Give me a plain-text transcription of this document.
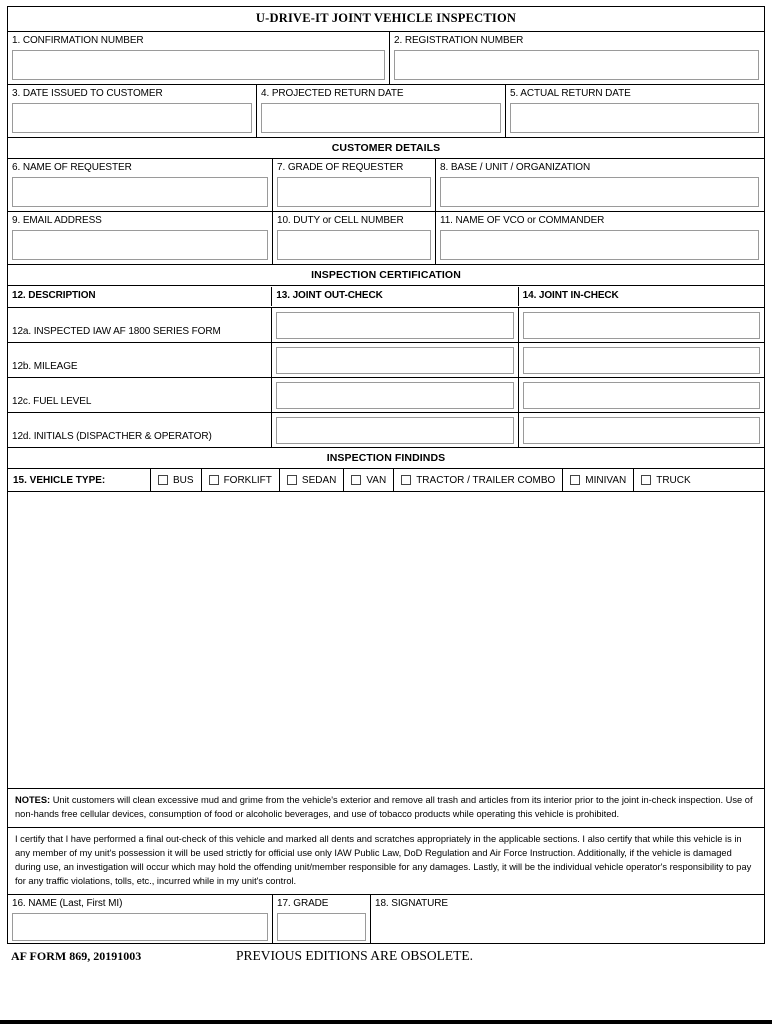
U-DRIVE-IT JOINT VEHICLE INSPECTION
1. CONFIRMATION NUMBER	2. REGISTRATION NUMBER
3. DATE ISSUED TO CUSTOMER	4. PROJECTED RETURN DATE	5. ACTUAL RETURN DATE
CUSTOMER DETAILS
6. NAME OF REQUESTER	7. GRADE OF REQUESTER	8. BASE / UNIT / ORGANIZATION
9. EMAIL ADDRESS	10. DUTY or CELL NUMBER	11. NAME OF VCO or COMMANDER
INSPECTION CERTIFICATION
12. DESCRIPTION	13. JOINT OUT-CHECK	14. JOINT IN-CHECK
12a. INSPECTED IAW AF 1800 SERIES FORM
12b. MILEAGE
12c. FUEL LEVEL
12d. INITIALS (DISPACTHER & OPERATOR)
INSPECTION FINDINDS
15. VEHICLE TYPE:	BUS	FORKLIFT	SEDAN	VAN	TRACTOR / TRAILER COMBO	MINIVAN	TRUCK
NOTES: Unit customers will clean excessive mud and grime from the vehicle's exterior and remove all trash and articles from its interior prior to the joint in-check inspection. Use of non-hands free cellular devices, consumption of food or alcoholic beverages, and use of tobacco products while operating this vehicle is prohibited.
I certify that I have performed a final out-check of this vehicle and marked all dents and scratches appropriately in the applicable sections. I also certify that while this vehicle is in any member of my unit's possession it will be used strictly for official use only IAW Public Law, DoD Regulation and Air Force Instruction. Additionally, if the vehicle is damaged during use, an investigation will occur which may hold the offending unit/member responsible for any damages. Lastly, it will be the individual vehicle operator's responsibility to pay for any traffic violations, tolls, etc., incurred while in my unit's control.
16. NAME (Last, First MI)	17. GRADE	18. SIGNATURE
AF FORM 869, 20191003	PREVIOUS EDITIONS ARE OBSOLETE.
